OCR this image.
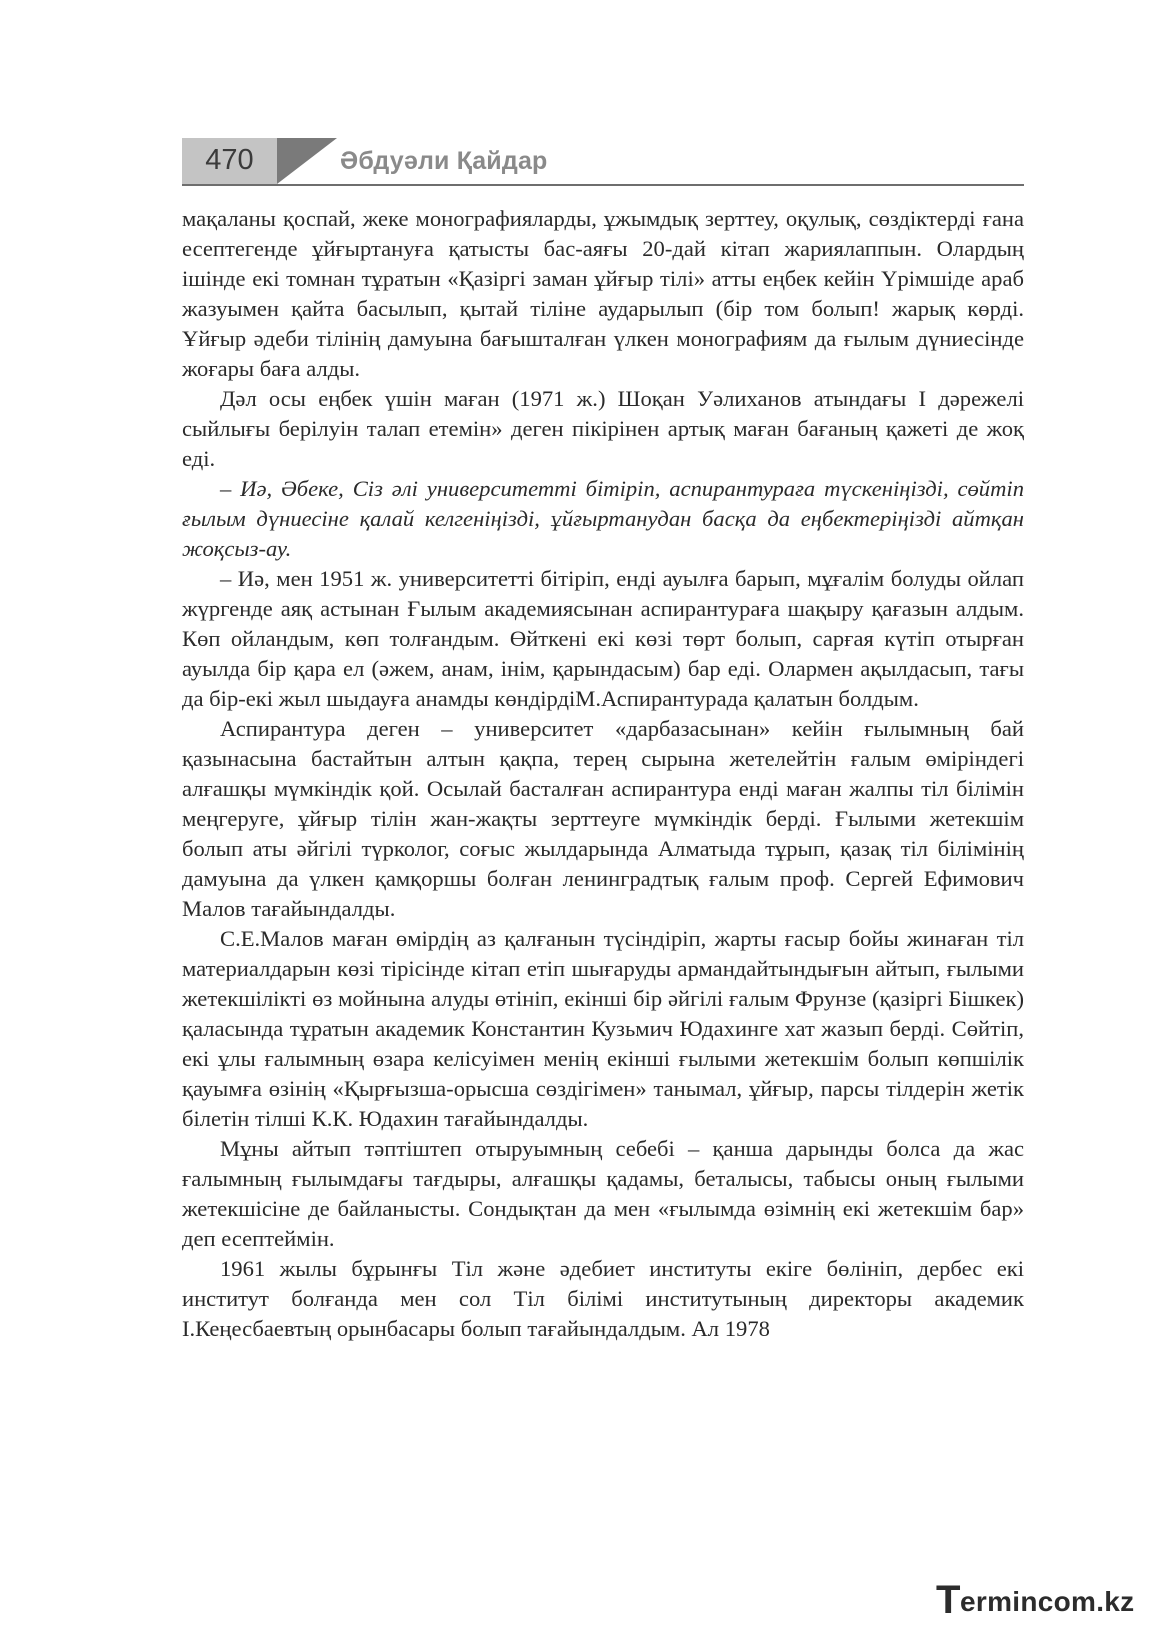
470	Әбдуәли Қайдар

мақаланы қоспай, жеке монографияларды, ұжымдық зерттеу, оқулық, сөздіктерді ғана есептегенде ұйғыртануға қатысты бас-аяғы 20-дай кітап жариялаппын. Олардың ішінде екі томнан тұратын «Қазіргі заман ұйғыр тілі» атты еңбек кейін Үрімшіде араб жазуымен қайта басылып, қытай тіліне аударылып (бір том болып! жарық көрді. Ұйғыр әдеби тілінің дамуына бағышталған үлкен монографиям да ғылым дүниесінде жоғары баға алды.

Дәл осы еңбек үшін маған (1971 ж.) Шоқан Уәлиханов атындағы I дәрежелі сыйлығы берілуін талап етемін» деген пікірінен артық маған бағаның қажеті де жоқ еді.

– Иә, Әбеке, Сіз әлі университетті бітіріп, аспирантураға түскеніңізді, сөйтіп ғылым дүниесіне қалай келгеніңізді, ұйғыртанудан басқа да еңбектеріңізді айтқан жоқсыз-ау.

– Иә, мен 1951 ж. университетті бітіріп, енді ауылға барып, мұғалім болуды ойлап жүргенде аяқ астынан Ғылым академиясынан аспирантураға шақыру қағазын алдым. Көп ойландым, көп толғандым. Өйткені екі көзі төрт болып, сарғая күтіп отырған ауылда бір қара ел (әжем, анам, інім, қарындасым) бар еді. Олармен ақылдасып, тағы да бір-екі жыл шыдауға анамды көндірдіМ.Аспирантурада қалатын болдым.

Аспирантура деген – университет «дарбазасынан» кейін ғылымның бай қазынасына бастайтын алтын қақпа, терең сырына жетелейтін ғалым өміріндегі алғашқы мүмкіндік қой. Осылай басталған аспирантура енді маған жалпы тіл білімін меңгеруге, ұйғыр тілін жан-жақты зерттеуге мүмкіндік берді. Ғылыми жетекшім болып аты әйгілі түрколог, соғыс жылдарында Алматыда тұрып, қазақ тіл білімінің дамуына да үлкен қамқоршы болған ленинградтық ғалым проф. Сергей Ефимович Малов тағайындалды.

С.Е.Малов маған өмірдің аз қалғанын түсіндіріп, жарты ғасыр бойы жинаған тіл материалдарын көзі тірісінде кітап етіп шығаруды армандайтындығын айтып, ғылыми жетекшілікті өз мойнына алуды өтініп, екінші бір әйгілі ғалым Фрунзе (қазіргі Бішкек) қаласында тұратын академик Константин Кузьмич Юдахинге хат жазып берді. Сөйтіп, екі ұлы ғалымның өзара келісуімен менің екінші ғылыми жетекшім болып көпшілік қауымға өзінің «Қырғызша-орысша сөздігімен» танымал, ұйғыр, парсы тілдерін жетік білетін тілші К.К. Юдахин тағайындалды.

Мұны айтып тәптіштеп отыруымның себебі – қанша дарынды болса да жас ғалымның ғылымдағы тағдыры, алғашқы қадамы, беталысы, табысы оның ғылыми жетекшісіне де байланысты. Сондықтан да мен «ғылымда өзімнің екі жетекшім бар» деп есептеймін.

1961 жылы бұрынғы Тіл және әдебиет институты екіге бөлініп, дербес екі институт болғанда мен сол Тіл білімі институтының директоры академик I.Кеңесбаевтың орынбасары болып тағайындалдым. Ал 1978

T ermincom.kz
